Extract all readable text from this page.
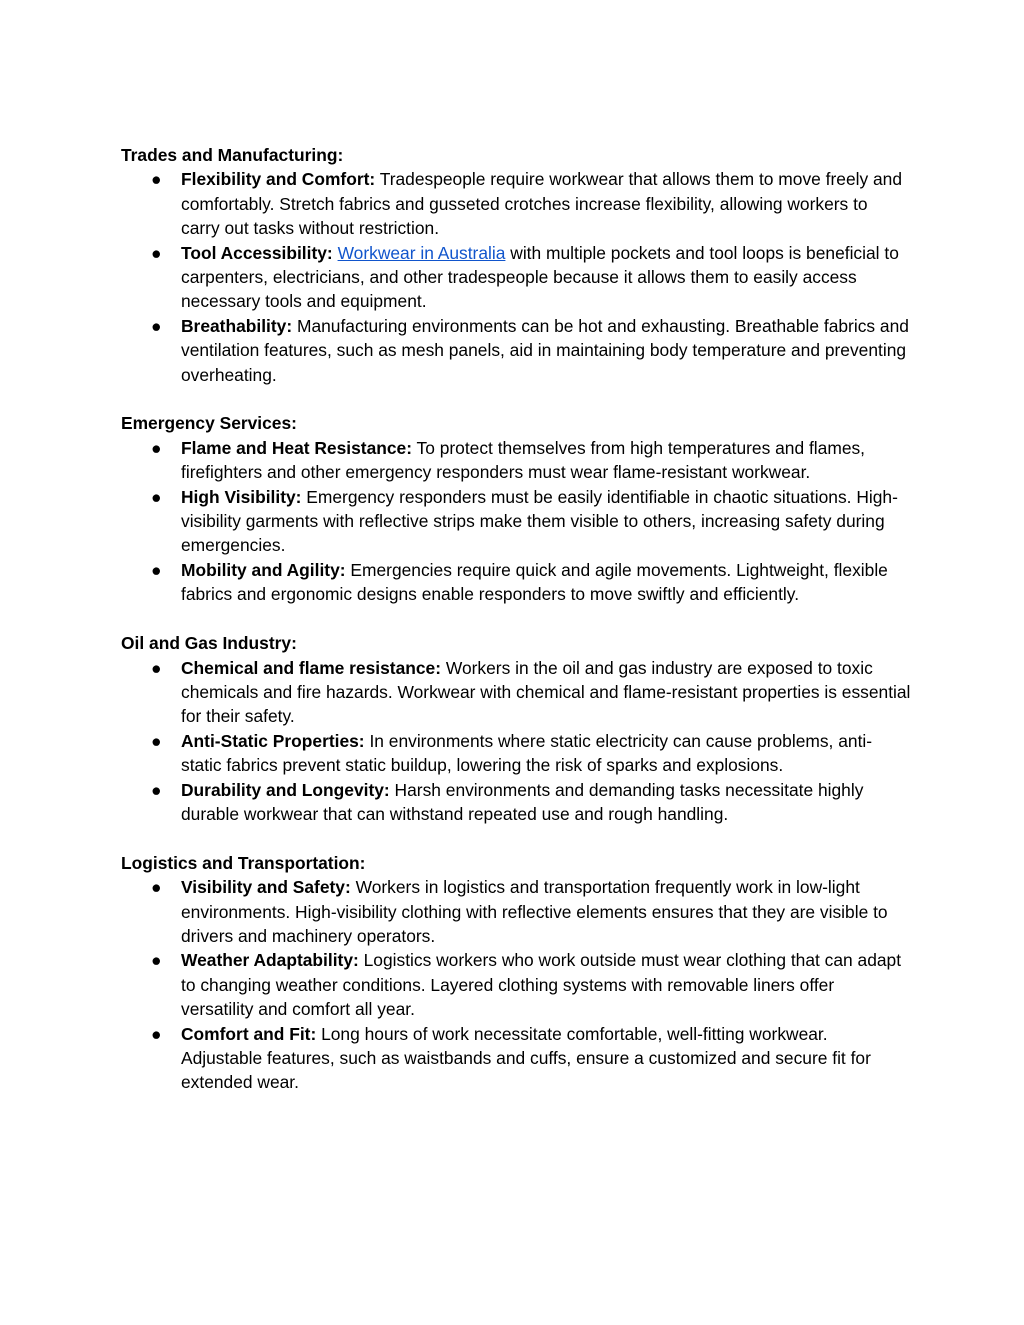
Trades and Manufacturing:

●	Flexibility and Comfort: Tradespeople require workwear that allows them to move freely and comfortably. Stretch fabrics and gusseted crotches increase flexibility, allowing workers to carry out tasks without restriction.
●	Tool Accessibility: Workwear in Australia with multiple pockets and tool loops is beneficial to carpenters, electricians, and other tradespeople because it allows them to easily access necessary tools and equipment.
●	Breathability: Manufacturing environments can be hot and exhausting. Breathable fabrics and ventilation features, such as mesh panels, aid in maintaining body temperature and preventing overheating.

Emergency Services:

●	Flame and Heat Resistance: To protect themselves from high temperatures and flames, firefighters and other emergency responders must wear flame-resistant workwear.
●	High Visibility: Emergency responders must be easily identifiable in chaotic situations. High-visibility garments with reflective strips make them visible to others, increasing safety during emergencies.
●	Mobility and Agility: Emergencies require quick and agile movements. Lightweight, flexible fabrics and ergonomic designs enable responders to move swiftly and efficiently.

Oil and Gas Industry:

●	Chemical and flame resistance: Workers in the oil and gas industry are exposed to toxic chemicals and fire hazards. Workwear with chemical and flame-resistant properties is essential for their safety.
●	Anti-Static Properties: In environments where static electricity can cause problems, anti-static fabrics prevent static buildup, lowering the risk of sparks and explosions.
●	Durability and Longevity: Harsh environments and demanding tasks necessitate highly durable workwear that can withstand repeated use and rough handling.

Logistics and Transportation:

●	Visibility and Safety: Workers in logistics and transportation frequently work in low-light environments. High-visibility clothing with reflective elements ensures that they are visible to drivers and machinery operators.
●	Weather Adaptability: Logistics workers who work outside must wear clothing that can adapt to changing weather conditions. Layered clothing systems with removable liners offer versatility and comfort all year.
●	Comfort and Fit: Long hours of work necessitate comfortable, well-fitting workwear. Adjustable features, such as waistbands and cuffs, ensure a customized and secure fit for extended wear.
